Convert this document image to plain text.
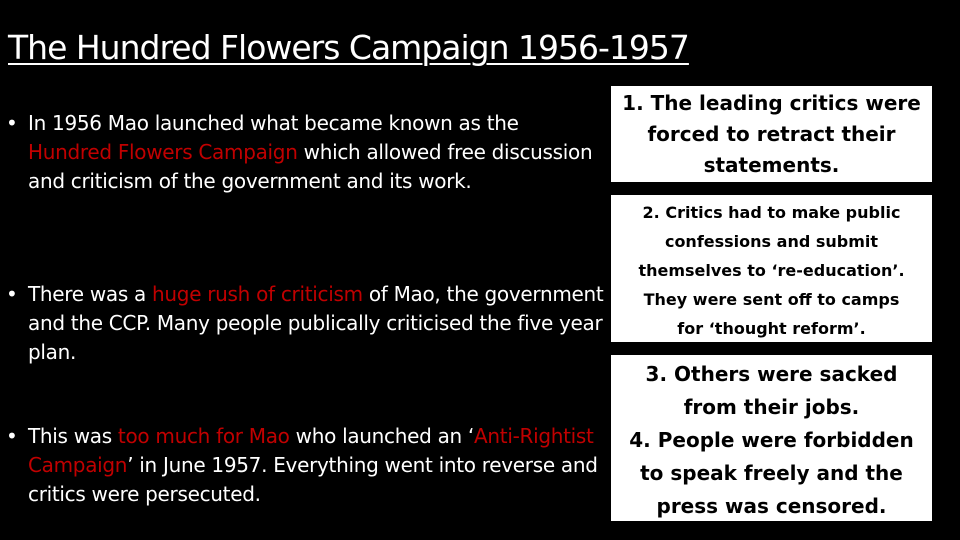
The Hundred Flowers Campaign 1956-1957
• In 1956 Mao launched what became known as the Hundred Flowers Campaign which allowed free discussion and criticism of the government and its work.
• There was a huge rush of criticism of Mao, the government and the CCP. Many people publically criticised the five year plan.
• This was too much for Mao who launched an ‘Anti-Rightist Campaign’ in June 1957. Everything went into reverse and critics were persecuted.
1. The leading critics were
forced to retract their
statements.
2. Critics had to make public
confessions and submit
themselves to ‘re-education’.
They were sent off to camps
for ‘thought reform’.
3. Others were sacked
from their jobs.
4. People were forbidden
to speak freely and the
press was censored.
